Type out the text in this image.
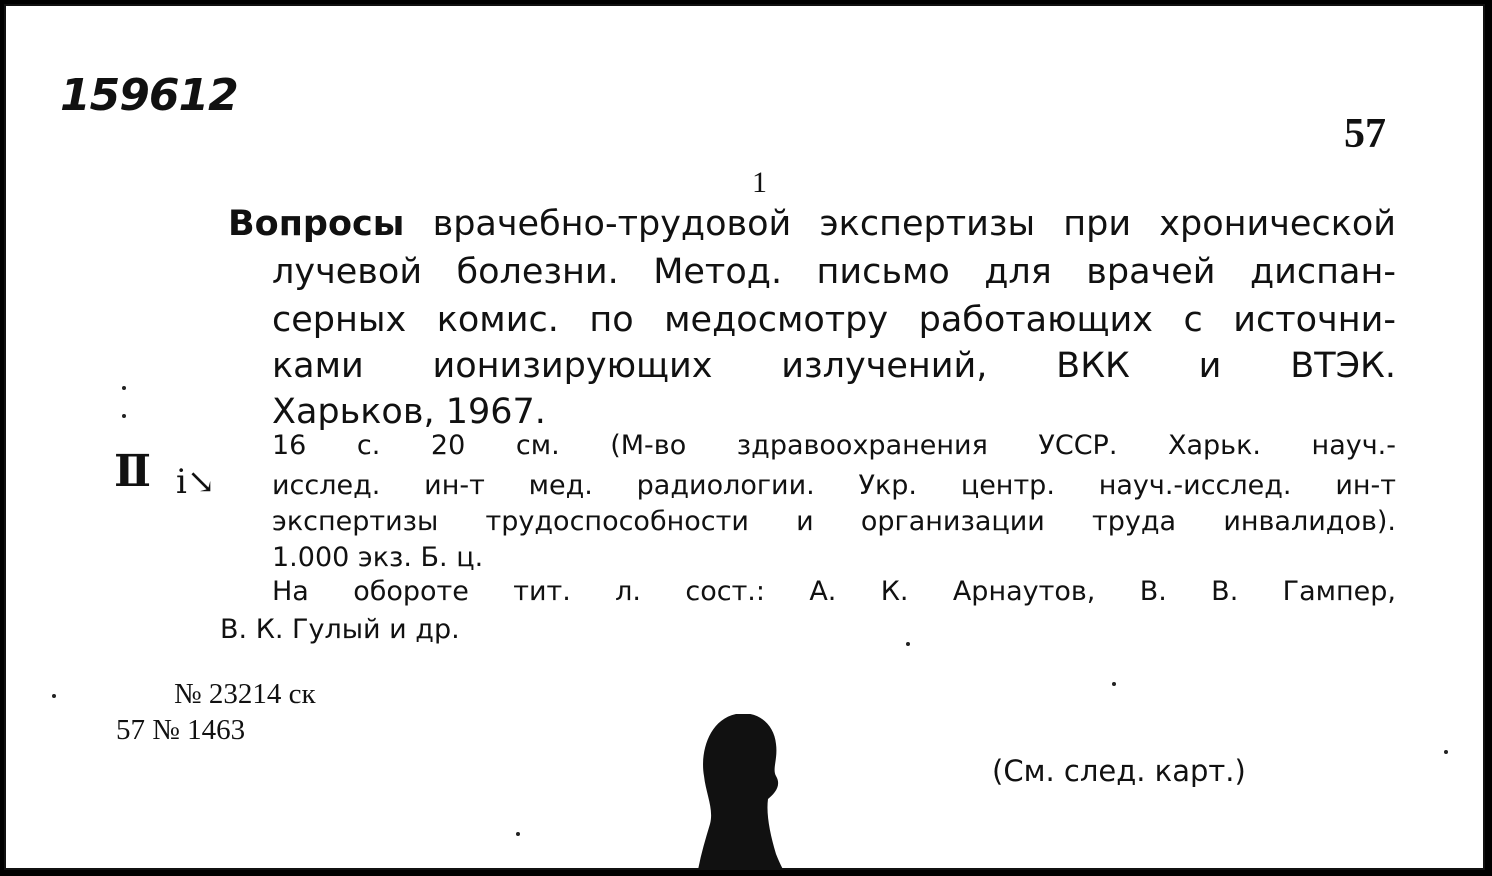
159612
57
1
Вопросы врачебно-трудовой экспертизы при хронической
лучевой болезни. Метод. письмо для врачей диспан-
серных комис. по медосмотру работающих с источни-
ками ионизирующих излучений, ВКК и ВТЭК.
Харьков, 1967.
16 с. 20 см. (М-во здравоохранения УССР. Харьк. науч.-
исслед. ин-т мед. радиологии. Укр. центр. науч.-исслед. ин-т
экспертизы трудоспособности и организации труда инвалидов).
1.000 экз. Б. ц.
На обороте тит. л. сост.: А. К. Арнаутов, В. В. Гампер,
В. К. Гулый и др.
Ⅱ ⅰ↘
№ 23214 ск
57 № 1463
(См. след. карт.)
